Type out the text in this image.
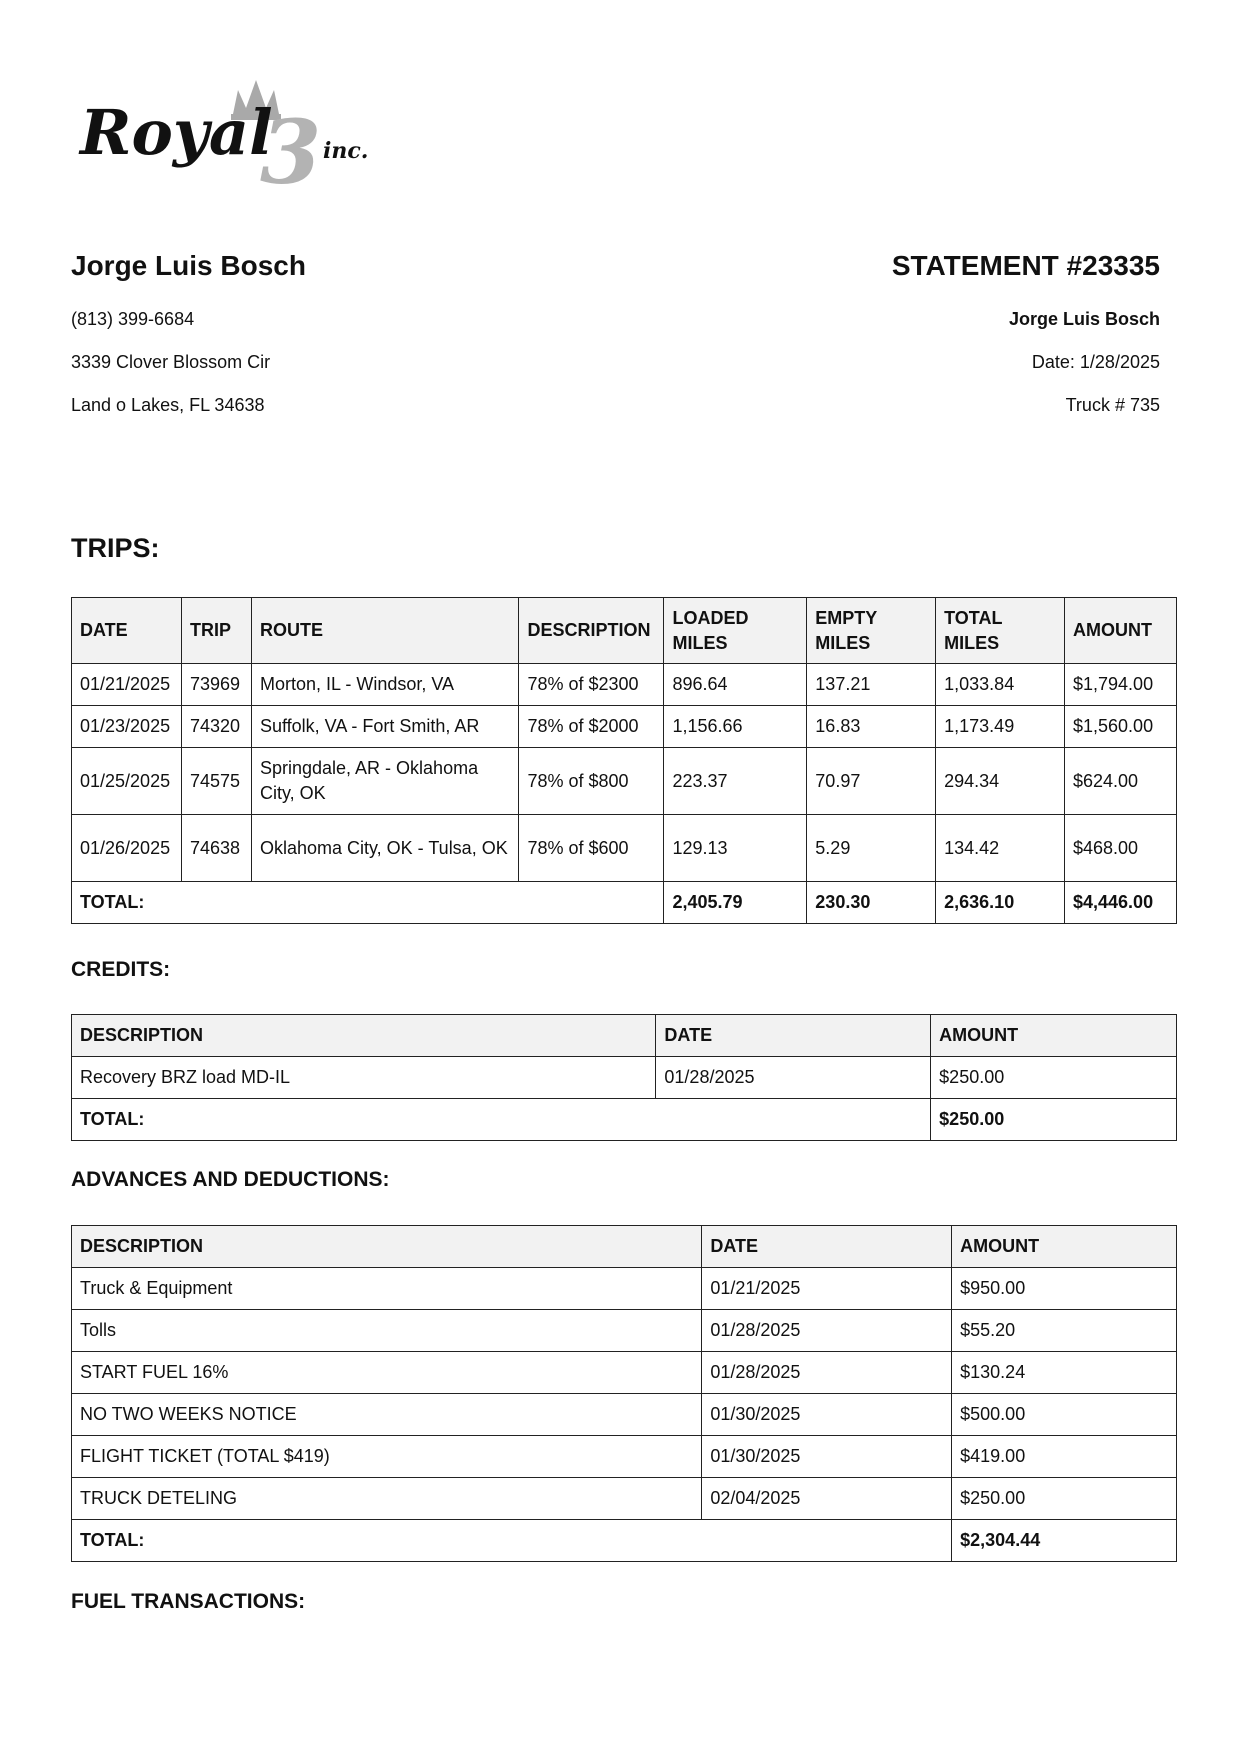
3
Royal inc.
Jorge Luis Bosch
(813) 399-6684
3339 Clover Blossom Cir
Land o Lakes, FL 34638
STATEMENT #23335
Jorge Luis Bosch
Date: 1/28/2025
Truck # 735
TRIPS:
DATE	TRIP	ROUTE	DESCRIPTION	LOADED MILES	EMPTY MILES	TOTAL MILES	AMOUNT
01/21/2025	73969	Morton, IL - Windsor, VA	78% of $2300	896.64	137.21	1,033.84	$1,794.00
01/23/2025	74320	Suffolk, VA - Fort Smith, AR	78% of $2000	1,156.66	16.83	1,173.49	$1,560.00
01/25/2025	74575	Springdale, AR - Oklahoma City, OK	78% of $800	223.37	70.97	294.34	$624.00
01/26/2025	74638	Oklahoma City, OK - Tulsa, OK	78% of $600	129.13	5.29	134.42	$468.00
TOTAL:				2,405.79	230.30	2,636.10	$4,446.00
CREDITS:
DESCRIPTION	DATE	AMOUNT
Recovery BRZ load MD-IL	01/28/2025	$250.00
TOTAL:		$250.00
ADVANCES AND DEDUCTIONS:
DESCRIPTION	DATE	AMOUNT
Truck & Equipment	01/21/2025	$950.00
Tolls	01/28/2025	$55.20
START FUEL 16%	01/28/2025	$130.24
NO TWO WEEKS NOTICE	01/30/2025	$500.00
FLIGHT TICKET (TOTAL $419)	01/30/2025	$419.00
TRUCK DETELING	02/04/2025	$250.00
TOTAL:		$2,304.44
FUEL TRANSACTIONS:
